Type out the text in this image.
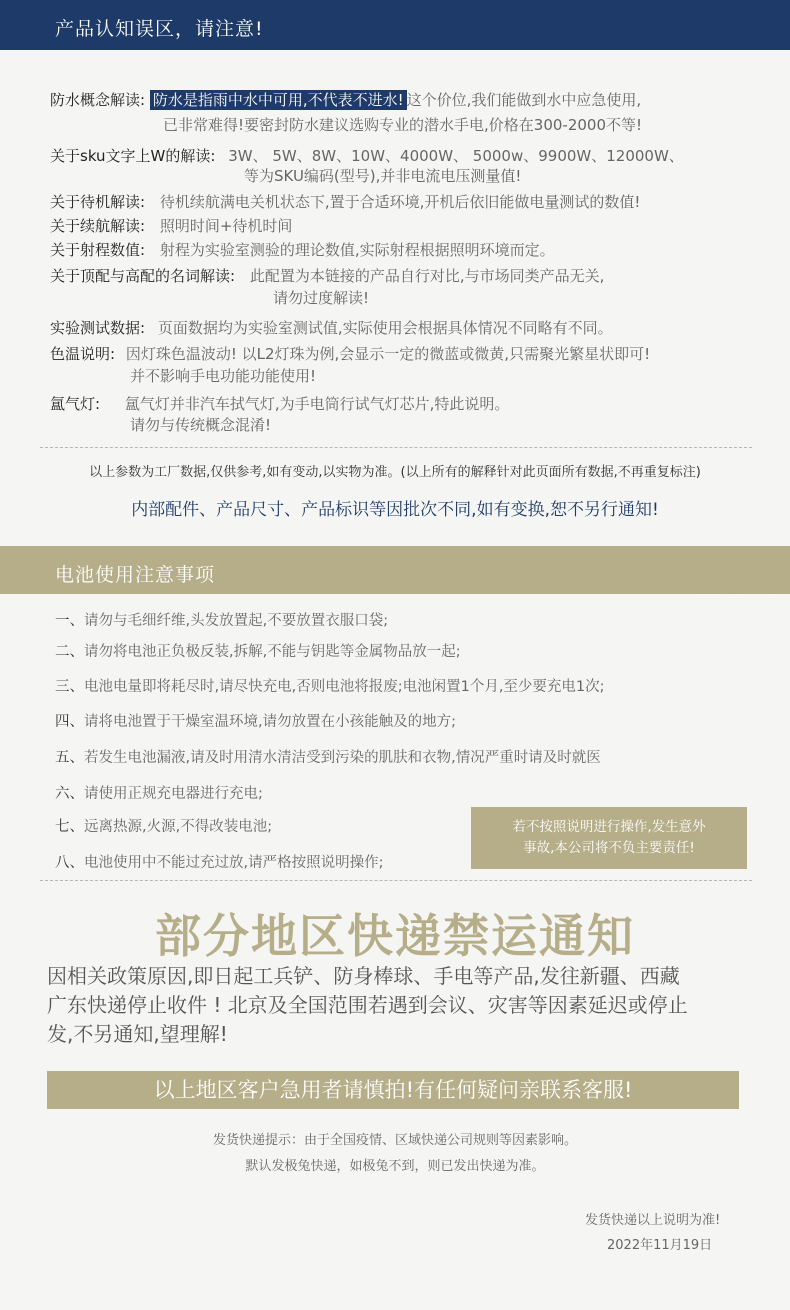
产品认知误区，请注意!
防水概念解读: 防水是指雨中水中可用,不代表不进水! 这个价位,我们能做到水中应急使用,
已非常难得!要密封防水建议选购专业的潜水手电,价格在300-2000不等!
关于sku文字上W的解读: 3W、 5W、8W、10W、4000W、 5000w、9900W、12000W、
等为SKU编码(型号),并非电流电压测量值!
关于待机解读: 待机续航满电关机状态下,置于合适环境,开机后依旧能做电量测试的数值!
关于续航解读: 照明时间+待机时间
关于射程数值: 射程为实验室测验的理论数值,实际射程根据照明环境而定。
关于顶配与高配的名词解读: 此配置为本链接的产品自行对比,与市场同类产品无关,
请勿过度解读!
实验测试数据: 页面数据均为实验室测试值,实际使用会根据具体情况不同略有不同。
色温说明: 因灯珠色温波动! 以L2灯珠为例,会显示一定的微蓝或微黄,只需聚光繁星状即可!
并不影响手电功能功能使用!
氲气灯: 氲气灯并非汽车拭气灯,为手电筒行试气灯芯片,特此说明。
请勿与传统概念混淆!
以上参数为工厂数据,仅供参考,如有变动,以实物为准。(以上所有的解释针对此页面所有数据,不再重复标注)
内部配件、产品尺寸、产品标识等因批次不同,如有变换,恕不另行通知!
电池使用注意事项
一、请勿与毛细纤维,头发放置起,不要放置衣服口袋;
二、请勿将电池正负极反装,拆解,不能与钥匙等金属物品放一起;
三、电池电量即将耗尽时,请尽快充电,否则电池将报废;电池闲置1个月,至少要充电1次;
四、请将电池置于干燥室温环境,请勿放置在小孩能触及的地方;
五、若发生电池漏液,请及时用清水清洁受到污染的肌肤和衣物,情况严重时请及时就医
六、请使用正规充电器进行充电;
七、远离热源,火源,不得改装电池;
八、电池使用中不能过充过放,请严格按照说明操作;
若不按照说明进行操作,发生意外
事故,本公司将不负主要责任!
部分地区快递禁运通知
因相关政策原因,即日起工兵铲、防身棒球、手电等产品,发往新疆、西藏
广东快递停止收件 ! 北京及全国范围若遇到会议、灾害等因素延迟或停止
发,不另通知,望理解!
以上地区客户急用者请慎拍!有任何疑问亲联系客服!
发货快递提示：由于全国疫情、区域快递公司规则等因素影响。
默认发极兔快递，如极兔不到，则已发出快递为准。
发货快递以上说明为准!
2022年11月19日
